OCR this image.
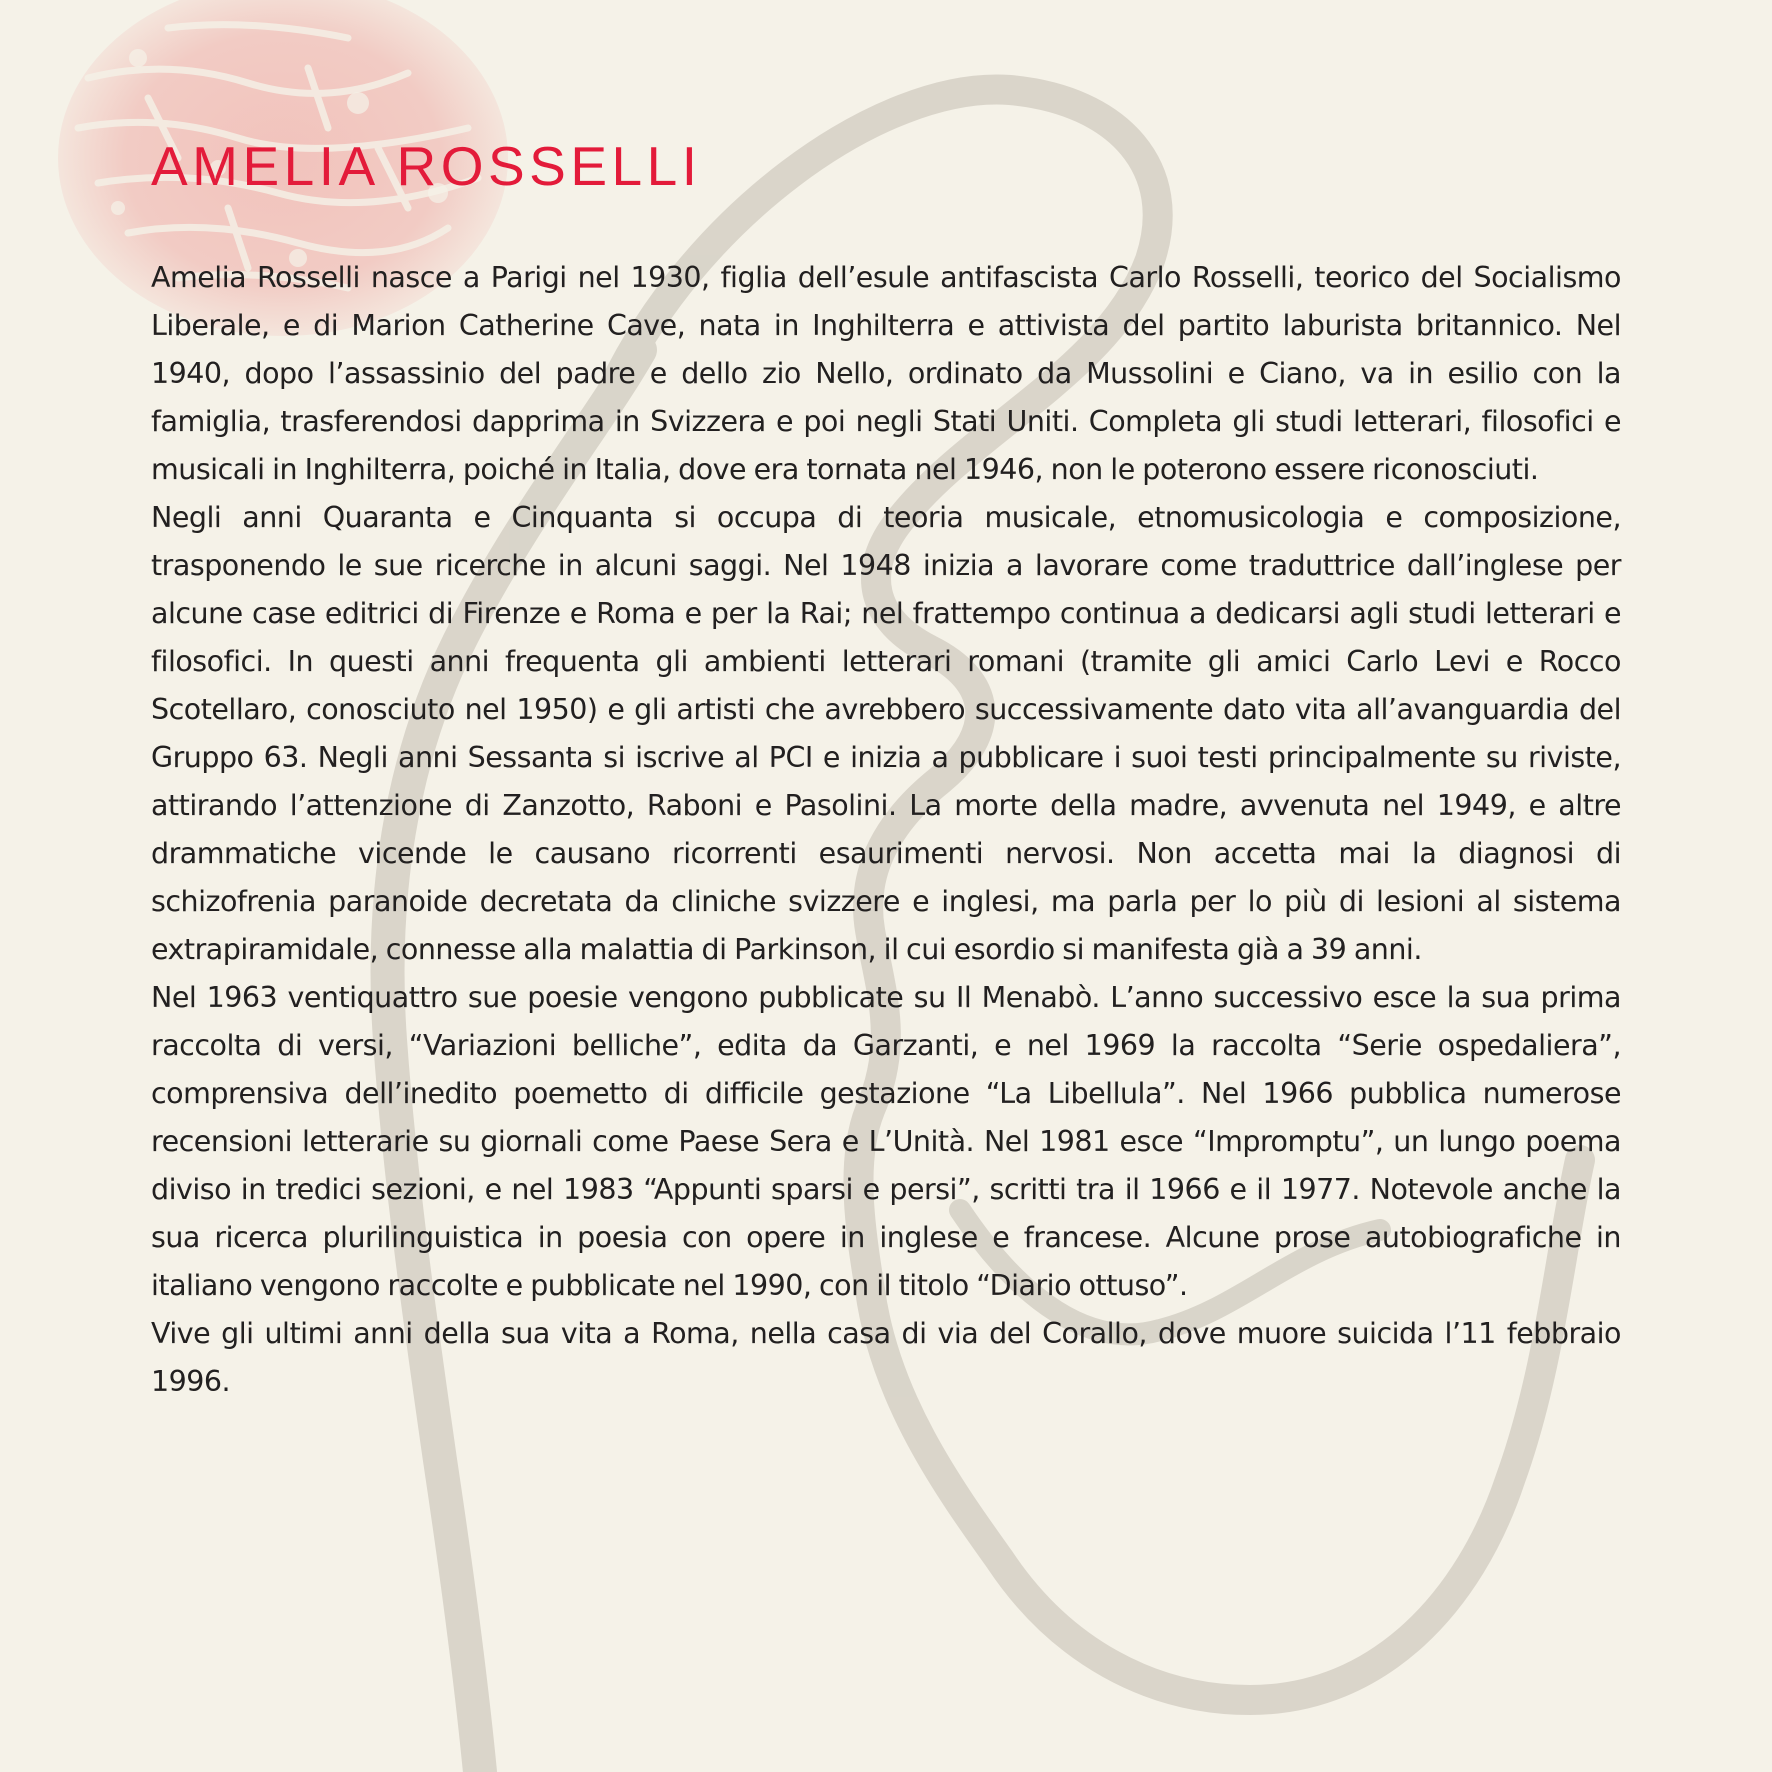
AMELIA ROSSELLI

Amelia Rosselli nasce a Parigi nel 1930, figlia dell’esule antifascista Carlo Rosselli, teorico del Socialismo Liberale, e di Marion Catherine Cave, nata in Inghilterra e attivista del partito laburista britannico. Nel 1940, dopo l’assassinio del padre e dello zio Nello, ordinato da Mussolini e Ciano, va in esilio con la famiglia, trasferendosi dapprima in Svizzera e poi negli Stati Uniti. Completa gli studi letterari, filosofici e musicali in Inghilterra, poiché in Italia, dove era tornata nel 1946, non le poterono essere riconosciuti.

Negli anni Quaranta e Cinquanta si occupa di teoria musicale, etnomusicologia e composizione, trasponendo le sue ricerche in alcuni saggi. Nel 1948 inizia a lavorare come traduttrice dall’inglese per alcune case editrici di Firenze e Roma e per la Rai; nel frattempo continua a dedicarsi agli studi letterari e filosofici. In questi anni frequenta gli ambienti letterari romani (tramite gli amici Carlo Levi e Rocco Scotellaro, conosciuto nel 1950) e gli artisti che avrebbero successivamente dato vita all’avanguardia del Gruppo 63. Negli anni Sessanta si iscrive al PCI e inizia a pubblicare i suoi testi principalmente su riviste, attirando l’attenzione di Zanzotto, Raboni e Pasolini. La morte della madre, avvenuta nel 1949, e altre drammatiche vicende le causano ricorrenti esaurimenti nervosi. Non accetta mai la diagnosi di schizofrenia paranoide decretata da cliniche svizzere e inglesi, ma parla per lo più di lesioni al sistema extrapiramidale, connesse alla malattia di Parkinson, il cui esordio si manifesta già a 39 anni.

Nel 1963 ventiquattro sue poesie vengono pubblicate su Il Menabò. L’anno successivo esce la sua prima raccolta di versi, “Variazioni belliche”, edita da Garzanti, e nel 1969 la raccolta “Serie ospedaliera”, comprensiva dell’inedito poemetto di difficile gestazione “La Libellula”. Nel 1966 pubblica numerose recensioni letterarie su giornali come Paese Sera e L’Unità. Nel 1981 esce “Impromptu”, un lungo poema diviso in tredici sezioni, e nel 1983 “Appunti sparsi e persi”, scritti tra il 1966 e il 1977. Notevole anche la sua ricerca plurilinguistica in poesia con opere in inglese e francese. Alcune prose autobiografiche in italiano vengono raccolte e pubblicate nel 1990, con il titolo “Diario ottuso”.

Vive gli ultimi anni della sua vita a Roma, nella casa di via del Corallo, dove muore suicida l’11 febbraio 1996.
